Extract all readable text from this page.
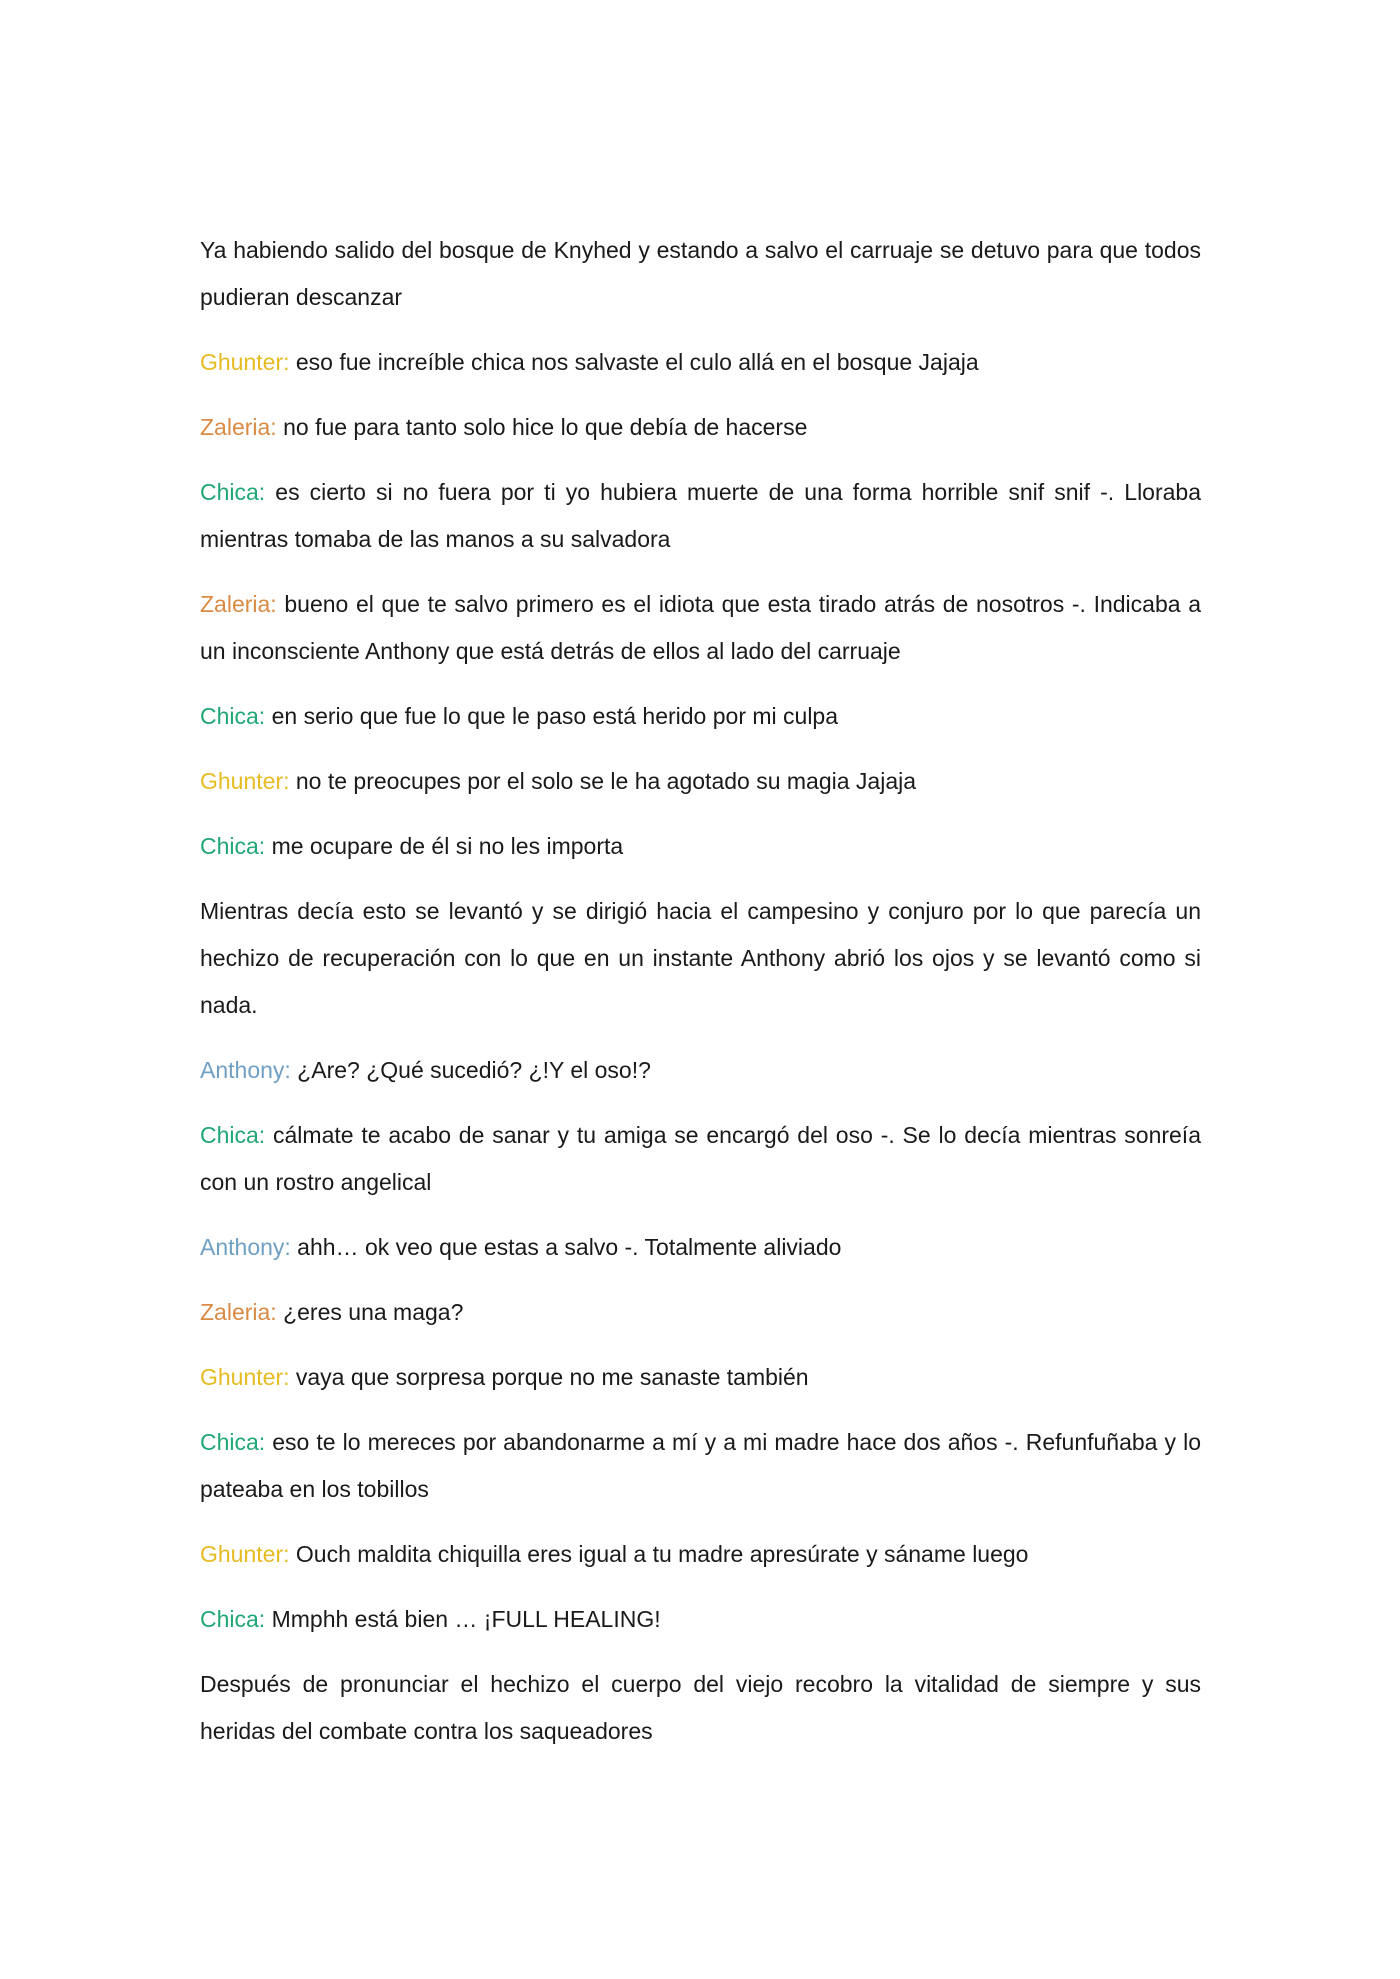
Ya habiendo salido del bosque de Knyhed y estando a salvo el carruaje se detuvo para que todos pudieran descanzar

Ghunter: eso fue increíble chica nos salvaste el culo allá en el bosque Jajaja

Zaleria: no fue para tanto solo hice lo que debía de hacerse

Chica: es cierto si no fuera por ti yo hubiera muerte de una forma horrible snif snif -. Lloraba mientras tomaba de las manos a su salvadora

Zaleria: bueno el que te salvo primero es el idiota que esta tirado atrás de nosotros -. Indicaba a un inconsciente Anthony que está detrás de ellos al lado del carruaje

Chica: en serio que fue lo que le paso está herido por mi culpa

Ghunter: no te preocupes por el solo se le ha agotado su magia Jajaja

Chica: me ocupare de él si no les importa

Mientras decía esto se levantó y se dirigió hacia el campesino y conjuro por lo que parecía un hechizo de recuperación con lo que en un instante Anthony abrió los ojos y se levantó como si nada.

Anthony: ¿Are? ¿Qué sucedió? ¿!Y el oso!?

Chica: cálmate te acabo de sanar y tu amiga se encargó del oso -. Se lo decía mientras sonreía con un rostro angelical

Anthony: ahh… ok veo que estas a salvo -. Totalmente aliviado

Zaleria: ¿eres una maga?

Ghunter: vaya que sorpresa porque no me sanaste también

Chica: eso te lo mereces por abandonarme a mí y a mi madre hace dos años -. Refunfuñaba y lo pateaba en los tobillos

Ghunter: Ouch maldita chiquilla eres igual a tu madre apresúrate y sáname luego

Chica: Mmphh está bien … ¡FULL HEALING!

Después de pronunciar el hechizo el cuerpo del viejo recobro la vitalidad de siempre y sus heridas del combate contra los saqueadores
